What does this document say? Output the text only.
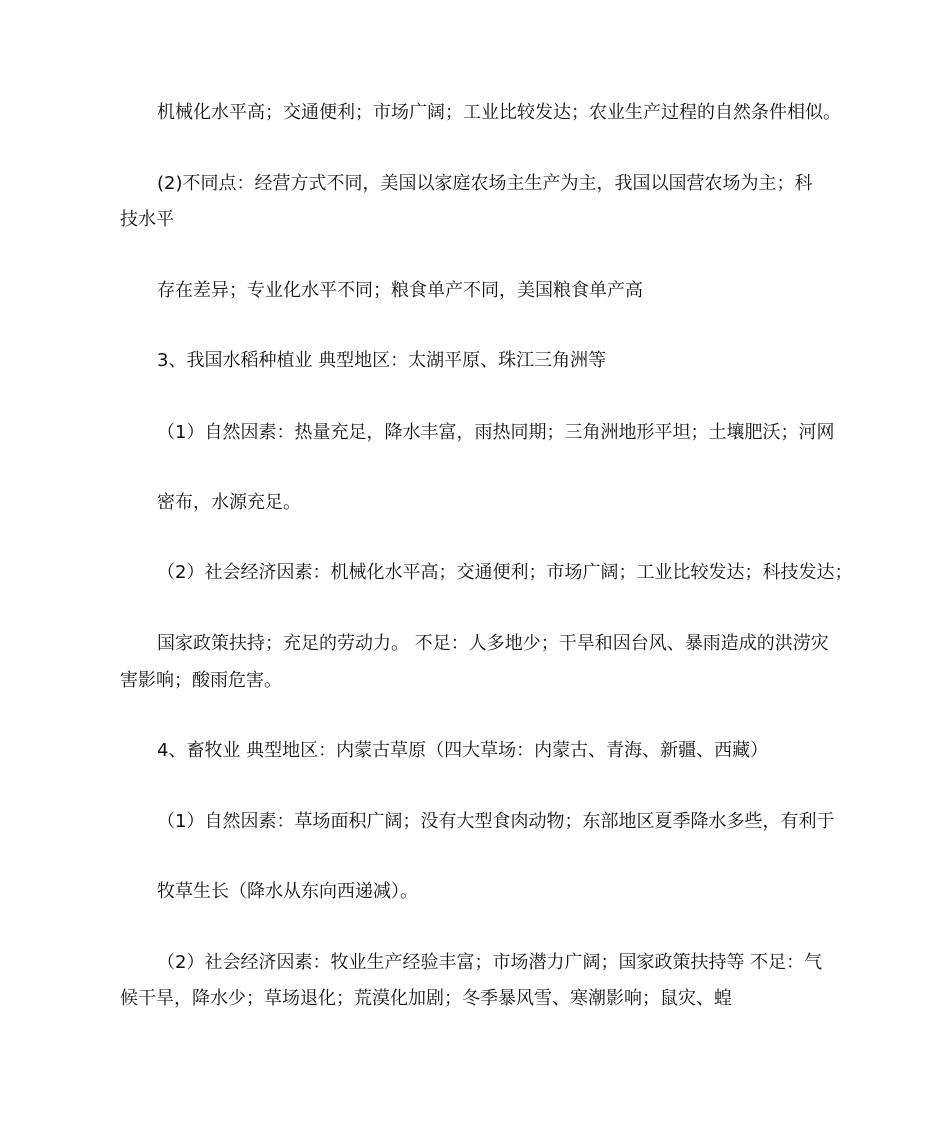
机械化水平高；交通便利；市场广阔；工业比较发达；农业生产过程的自然条件相似。
(2)不同点：经营方式不同，美国以家庭农场主生产为主，我国以国营农场为主；科
技水平
存在差异；专业化水平不同；粮食单产不同，美国粮食单产高
3、我国水稻种植业 典型地区：太湖平原、珠江三角洲等
（1）自然因素：热量充足，降水丰富，雨热同期；三角洲地形平坦；土壤肥沃；河网
密布，水源充足。
（2）社会经济因素：机械化水平高；交通便利；市场广阔；工业比较发达；科技发达；
国家政策扶持；充足的劳动力。 不足：人多地少；干旱和因台风、暴雨造成的洪涝灾
害影响；酸雨危害。
4、畜牧业 典型地区：内蒙古草原（四大草场：内蒙古、青海、新疆、西藏）
（1）自然因素：草场面积广阔；没有大型食肉动物；东部地区夏季降水多些，有利于
牧草生长（降水从东向西递减）。
（2）社会经济因素：牧业生产经验丰富；市场潜力广阔；国家政策扶持等 不足：气
候干旱，降水少；草场退化；荒漠化加剧；冬季暴风雪、寒潮影响；鼠灾、蝗
